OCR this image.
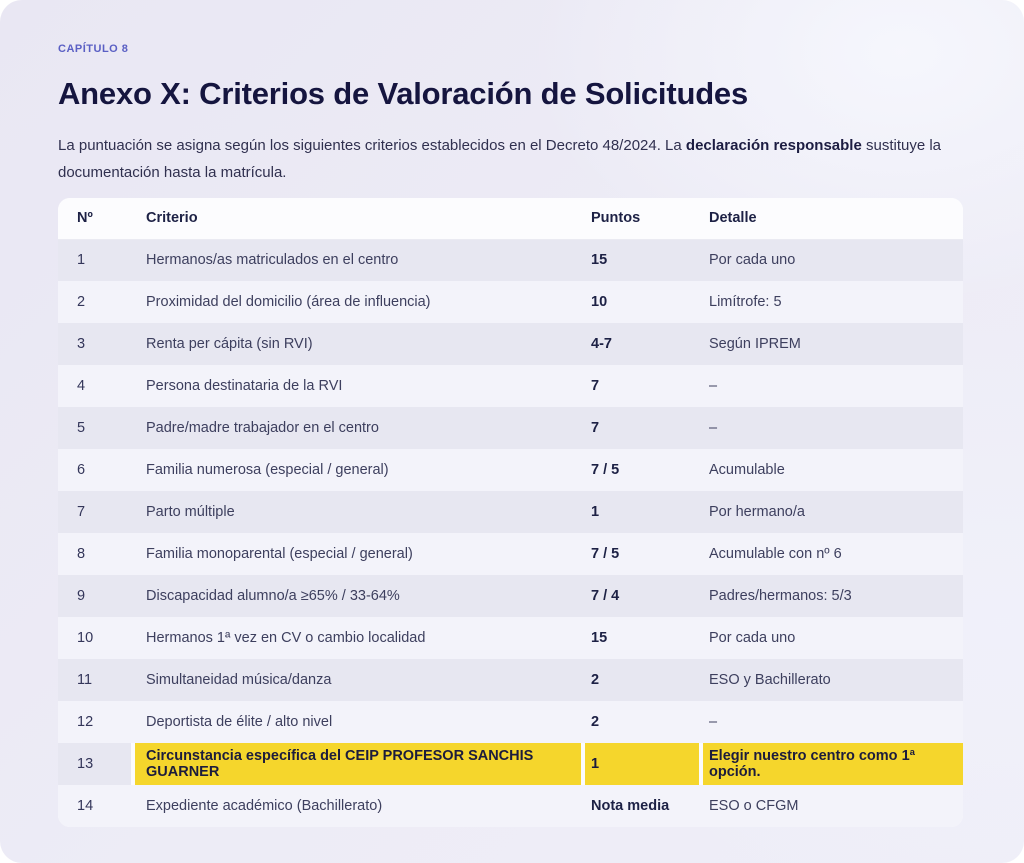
CAPÍTULO 8
Anexo X: Criterios de Valoración de Solicitudes

La puntuación se asigna según los siguientes criterios establecidos en el Decreto 48/2024. La declaración responsable sustituye la documentación hasta la matrícula.

Nº	Criterio	Puntos	Detalle
1	Hermanos/as matriculados en el centro	15	Por cada uno
2	Proximidad del domicilio (área de influencia)	10	Limítrofe: 5
3	Renta per cápita (sin RVI)	4-7	Según IPREM
4	Persona destinataria de la RVI	7	–
5	Padre/madre trabajador en el centro	7	–
6	Familia numerosa (especial / general)	7 / 5	Acumulable
7	Parto múltiple	1	Por hermano/a
8	Familia monoparental (especial / general)	7 / 5	Acumulable con nº 6
9	Discapacidad alumno/a ≥65% / 33-64%	7 / 4	Padres/hermanos: 5/3
10	Hermanos 1ª vez en CV o cambio localidad	15	Por cada uno
11	Simultaneidad música/danza	2	ESO y Bachillerato
12	Deportista de élite / alto nivel	2	–
13	Circunstancia específica del CEIP PROFESOR SANCHIS GUARNER	1	Elegir nuestro centro como 1ª opción.
14	Expediente académico (Bachillerato)	Nota media	ESO o CFGM
